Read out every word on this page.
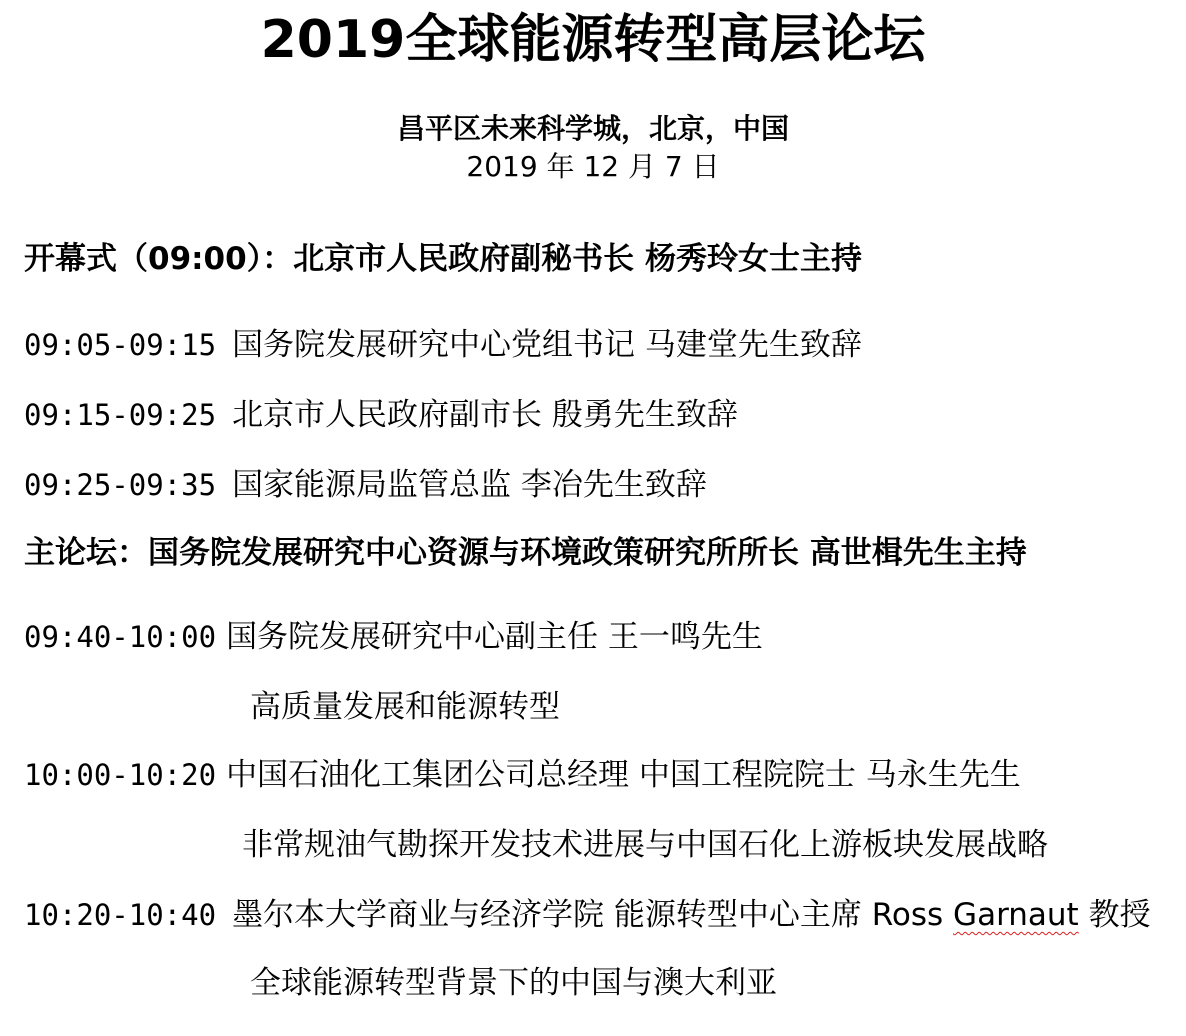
2019全球能源转型高层论坛
昌平区未来科学城，北京，中国
2019 年 12 月 7 日
开幕式（09:00）：北京市人民政府副秘书长 杨秀玲女士主持
09:05-09:15 国务院发展研究中心党组书记 马建堂先生致辞
09:15-09:25 北京市人民政府副市长 殷勇先生致辞
09:25-09:35 国家能源局监管总监 李冶先生致辞
主论坛：国务院发展研究中心资源与环境政策研究所所长 高世楫先生主持
09:40-10:00 国务院发展研究中心副主任 王一鸣先生
高质量发展和能源转型
10:00-10:20 中国石油化工集团公司总经理 中国工程院院士 马永生先生
非常规油气勘探开发技术进展与中国石化上游板块发展战略
10:20-10:40 墨尔本大学商业与经济学院 能源转型中心主席 Ross Garnaut 教授
全球能源转型背景下的中国与澳大利亚
